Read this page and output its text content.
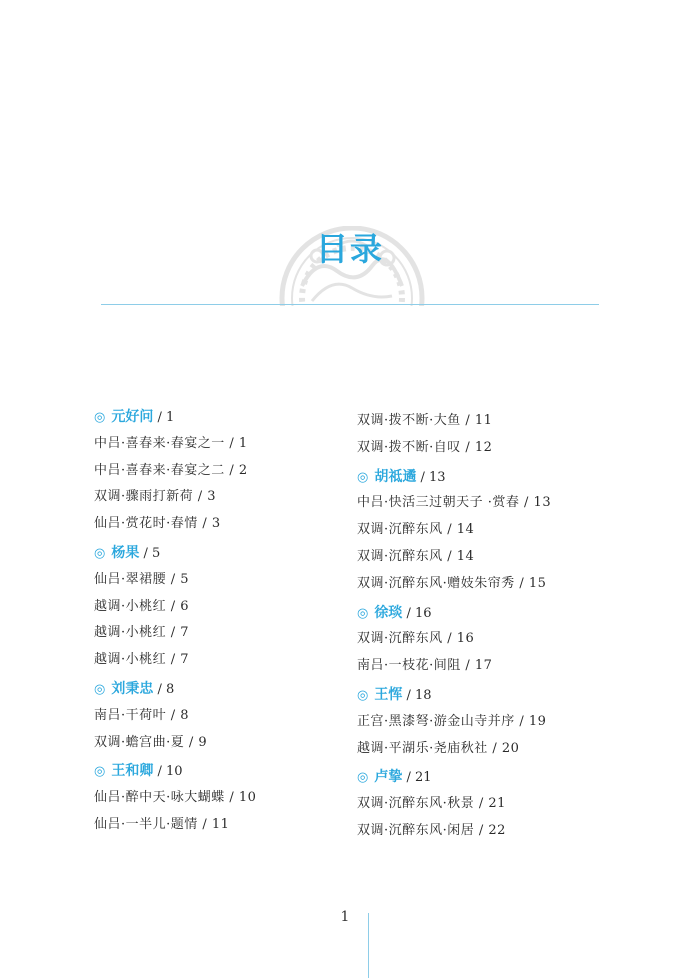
目录
◎ 元好问 / 1
中吕·喜春来·春宴之一 / 1
中吕·喜春来·春宴之二 / 2
双调·骤雨打新荷 / 3
仙吕·赏花时·春情 / 3
◎ 杨果 / 5
仙吕·翠裙腰 / 5
越调·小桃红 / 6
越调·小桃红 / 7
越调·小桃红 / 7
◎ 刘秉忠 / 8
南吕·干荷叶 / 8
双调·蟾宫曲·夏 / 9
◎ 王和卿 / 10
仙吕·醉中天·咏大蝴蝶 / 10
仙吕·一半儿·题情 / 11
双调·拨不断·大鱼 / 11
双调·拨不断·自叹 / 12
◎ 胡祗遹 / 13
中吕·快活三过朝天子 ·赏春 / 13
双调·沉醉东风 / 14
双调·沉醉东风 / 14
双调·沉醉东风·赠妓朱帘秀 / 15
◎ 徐琰 / 16
双调·沉醉东风 / 16
南吕·一枝花·间阻 / 17
◎ 王恽 / 18
正宫·黑漆弩·游金山寺并序 / 19
越调·平湖乐·尧庙秋社 / 20
◎ 卢挚 / 21
双调·沉醉东风·秋景 / 21
双调·沉醉东风·闲居 / 22
1
